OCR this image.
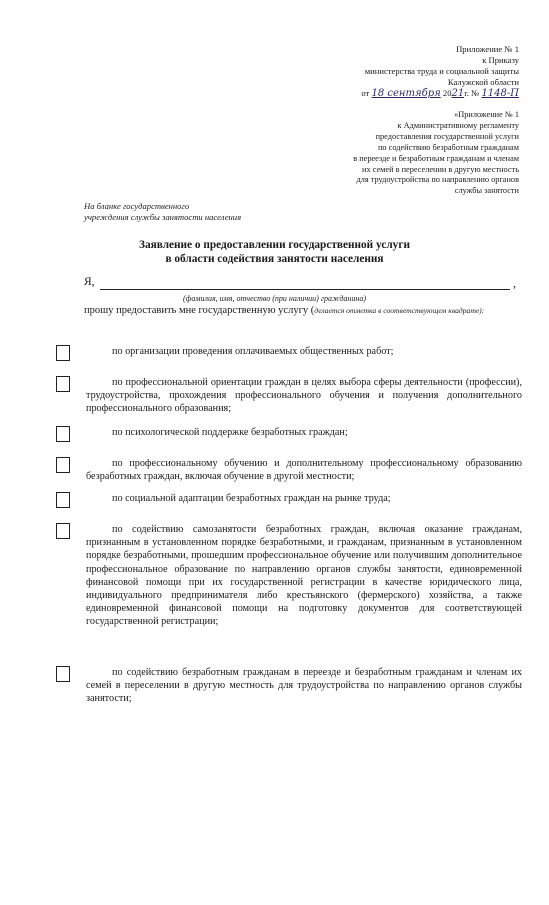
Приложение № 1
к Приказу
министерства труда и социальной защиты
Калужской области
от 18 сентября 2021г. № 1148-П
«Приложение № 1
к Административному регламенту
предоставления государственной услуги
по содействию безработным гражданам
в переезде и безработным гражданам и членам
их семей в переселении в другую местность
для трудоустройства по направлению органов
службы занятости
На бланке государственного
учреждения службы занятости населения
Заявление о предоставлении государственной услуги
в области содействия занятости населения
Я,	,
(фамилия, имя, отчество (при наличии) гражданина)
прошу предоставить мне государственную услугу (делается отметка в соответствующем квадрате):
по организации проведения оплачиваемых общественных работ;
по профессиональной ориентации граждан в целях выбора сферы деятельности (профессии), трудоустройства, прохождения профессионального обучения и получения дополнительного профессионального образования;
по психологической поддержке безработных граждан;
по профессиональному обучению и дополнительному профессиональному образованию безработных граждан, включая обучение в другой местности;
по социальной адаптации безработных граждан на рынке труда;
по содействию самозанятости безработных граждан, включая оказание гражданам, признанным в установленном порядке безработными, и гражданам, признанным в установленном порядке безработными, прошедшим профессиональное обучение или получившим дополнительное профессиональное образование по направлению органов службы занятости, единовременной финансовой помощи при их государственной регистрации в качестве юридического лица, индивидуального предпринимателя либо крестьянского (фермерского) хозяйства, а также единовременной финансовой помощи на подготовку документов для соответствующей государственной регистрации;
по содействию безработным гражданам в переезде и безработным гражданам и членам их семей в переселении в другую местность для трудоустройства по направлению органов службы занятости;
